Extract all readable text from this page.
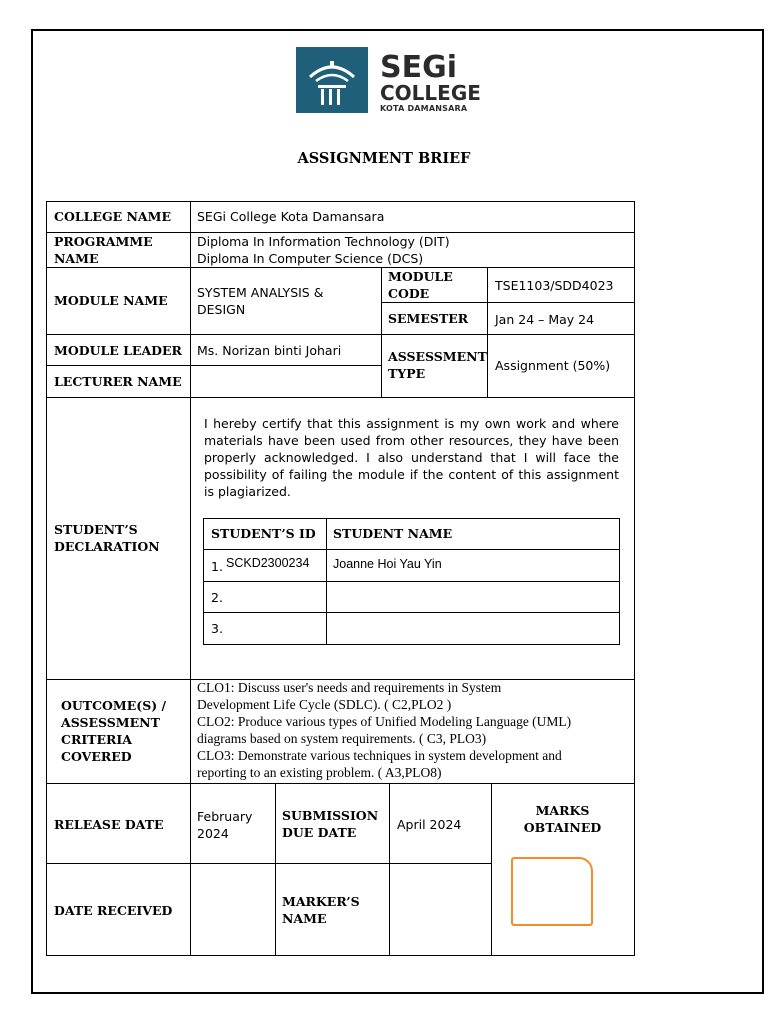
SEGi
COLLEGE
KOTA DAMANSARA
ASSIGNMENT BRIEF
COLLEGE NAME SEGi College Kota Damansara
PROGRAMME
NAME
Diploma In Information Technology (DIT)
Diploma In Computer Science (DCS)
MODULE NAME
SYSTEM ANALYSIS &
DESIGN
MODULE
CODE
TSE1103/SDD4023
SEMESTER Jan 24 – May 24
MODULE LEADER Ms. Norizan binti Johari
LECTURER NAME
ASSESSMENT
TYPE
Assignment (50%)
STUDENT’S
DECLARATION
I hereby certify that this assignment is my own work and where materials have been used from other resources, they have been properly acknowledged. I also understand that I will face the possibility of failing the module if the content of this assignment is plagiarized.
STUDENT’S ID STUDENT NAME
1. SCKD2300234 Joanne Hoi Yau Yin
2.
3.
OUTCOME(S) /
ASSESSMENT
CRITERIA
COVERED
CLO1: Discuss user's needs and requirements in System
Development Life Cycle (SDLC). ( C2,PLO2 )
CLO2: Produce various types of Unified Modeling Language (UML)
diagrams based on system requirements. ( C3, PLO3)
CLO3: Demonstrate various techniques in system development and
reporting to an existing problem. ( A3,PLO8)
RELEASE DATE
February
2024
SUBMISSION
DUE DATE
April 2024
MARKS
OBTAINED
DATE RECEIVED
MARKER’S
NAME
